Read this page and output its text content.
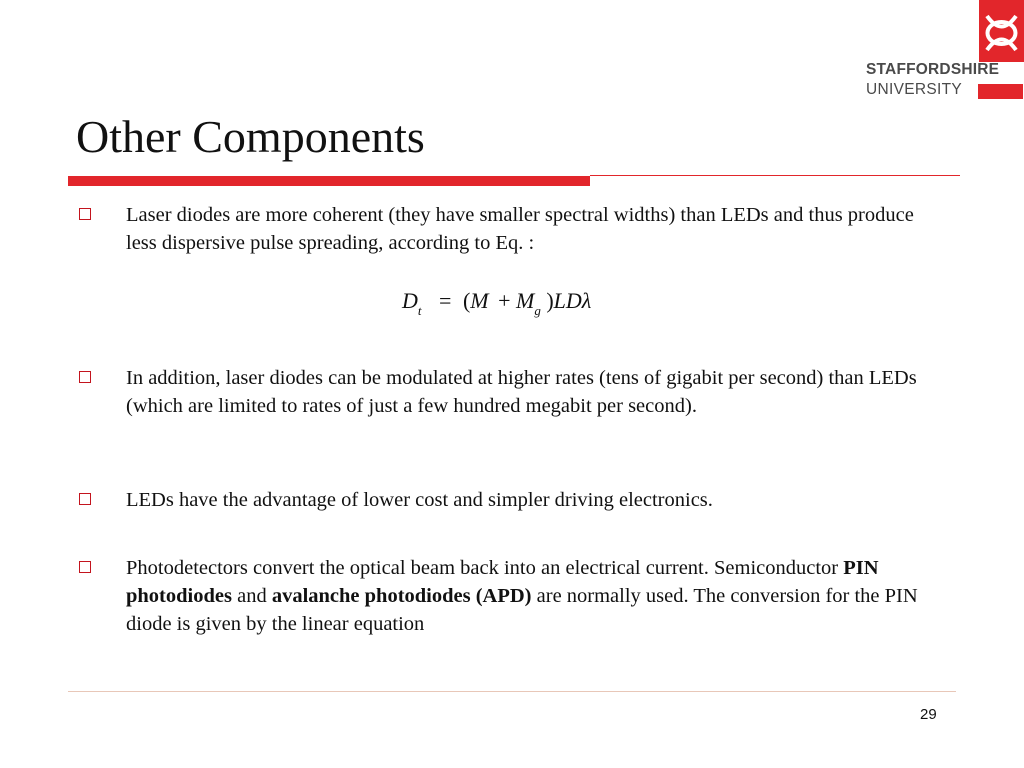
STAFFORDSHIRE
UNIVERSITY
Other Components

Laser diodes are more coherent (they have smaller spectral widths) than LEDs and thus produce less dispersive pulse spreading, according to Eq. :

$D_t = (M + M_g$ )LDλ

In addition, laser diodes can be modulated at higher rates (tens of gigabit per second) than LEDs (which are limited to rates of just a few hundred megabit per second).

LEDs have the advantage of lower cost and simpler driving electronics.

Photodetectors convert the optical beam back into an electrical current. Semiconductor PIN photodiodes and avalanche photodiodes (APD) are normally used. The conversion for the PIN diode is given by the linear equation

29
